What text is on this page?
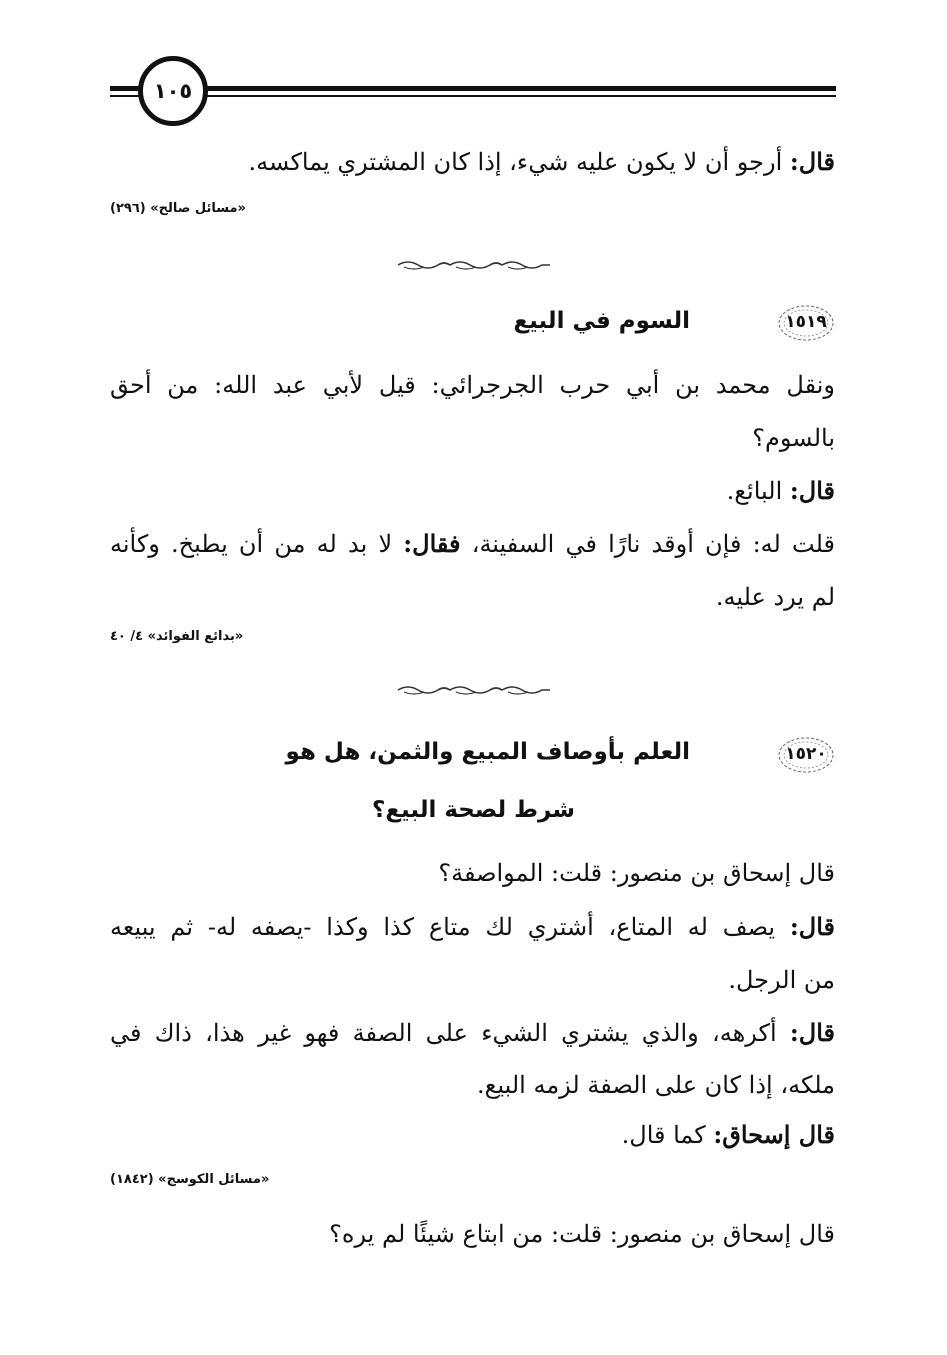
١٠٥
قال: أرجو أن لا يكون عليه شيء، إذا كان المشتري يماكسه.
«مسائل صالح» (٢٩٦)
١٥١٩
السوم في البيع
ونقل محمد بن أبي حرب الجرجرائي: قيل لأبي عبد الله: من أحق
بالسوم؟
قال: البائع.
قلت له: فإن أوقد نارًا في السفينة، فقال: لا بد له من أن يطبخ. وكأنه
لم يرد عليه.
«بدائع الفوائد» ٤/ ٤٠
١٥٢٠
العلم بأوصاف المبيع والثمن، هل هو
شرط لصحة البيع؟
قال إسحاق بن منصور: قلت: المواصفة؟
قال: يصف له المتاع، أشتري لك متاع كذا وكذا -يصفه له- ثم يبيعه
من الرجل.
قال: أكرهه، والذي يشتري الشيء على الصفة فهو غير هذا، ذاك في
ملكه، إذا كان على الصفة لزمه البيع.
قال إسحاق: كما قال.
«مسائل الكوسج» (١٨٤٢)
قال إسحاق بن منصور: قلت: من ابتاع شيئًا لم يره؟
